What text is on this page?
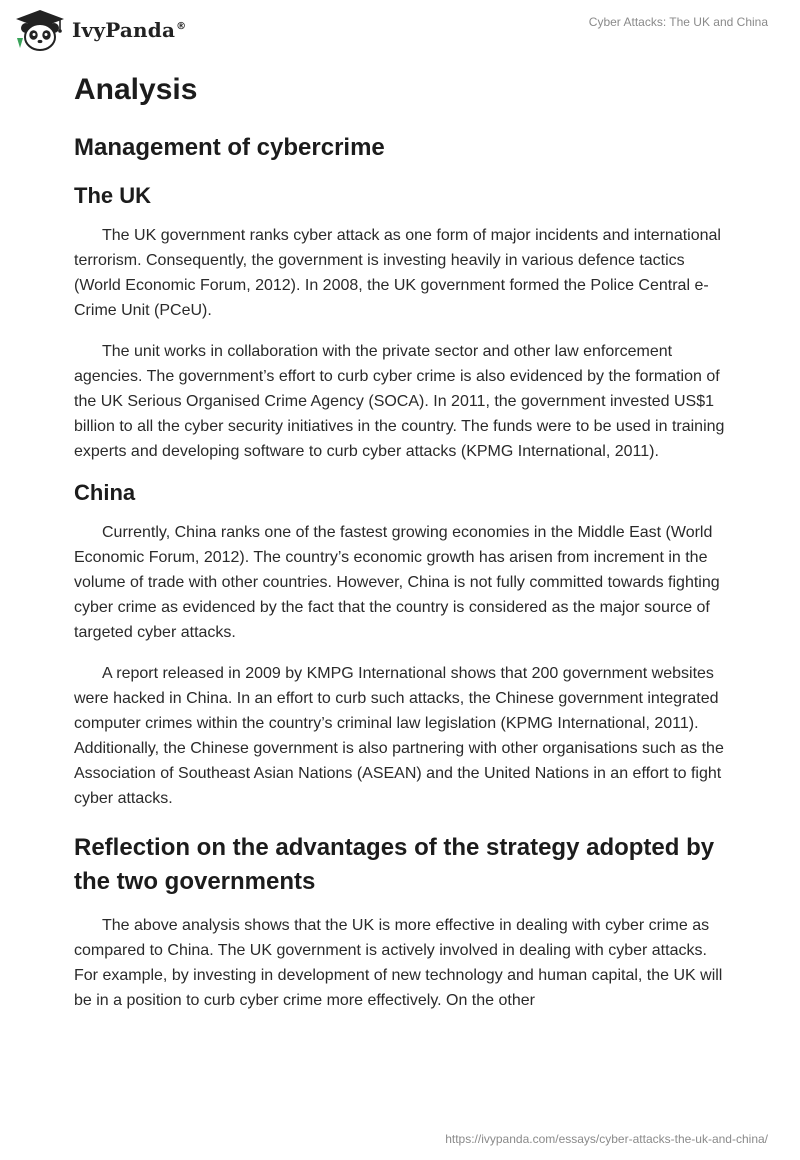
IvyPanda®	Cyber Attacks: The UK and China
Analysis
Management of cybercrime
The UK

The UK government ranks cyber attack as one form of major incidents and international terrorism. Consequently, the government is investing heavily in various defence tactics (World Economic Forum, 2012). In 2008, the UK government formed the Police Central e-Crime Unit (PCeU).

The unit works in collaboration with the private sector and other law enforcement agencies. The government’s effort to curb cyber crime is also evidenced by the formation of the UK Serious Organised Crime Agency (SOCA). In 2011, the government invested US$1 billion to all the cyber security initiatives in the country. The funds were to be used in training experts and developing software to curb cyber attacks (KPMG International, 2011).

China

Currently, China ranks one of the fastest growing economies in the Middle East (World Economic Forum, 2012). The country’s economic growth has arisen from increment in the volume of trade with other countries. However, China is not fully committed towards fighting cyber crime as evidenced by the fact that the country is considered as the major source of targeted cyber attacks.

A report released in 2009 by KMPG International shows that 200 government websites were hacked in China. In an effort to curb such attacks, the Chinese government integrated computer crimes within the country’s criminal law legislation (KPMG International, 2011). Additionally, the Chinese government is also partnering with other organisations such as the Association of Southeast Asian Nations (ASEAN) and the United Nations in an effort to fight cyber attacks.

Reflection on the advantages of the strategy adopted by the two governments

The above analysis shows that the UK is more effective in dealing with cyber crime as compared to China. The UK government is actively involved in dealing with cyber attacks. For example, by investing in development of new technology and human capital, the UK will be in a position to curb cyber crime more effectively. On the other

https://ivypanda.com/essays/cyber-attacks-the-uk-and-china/
